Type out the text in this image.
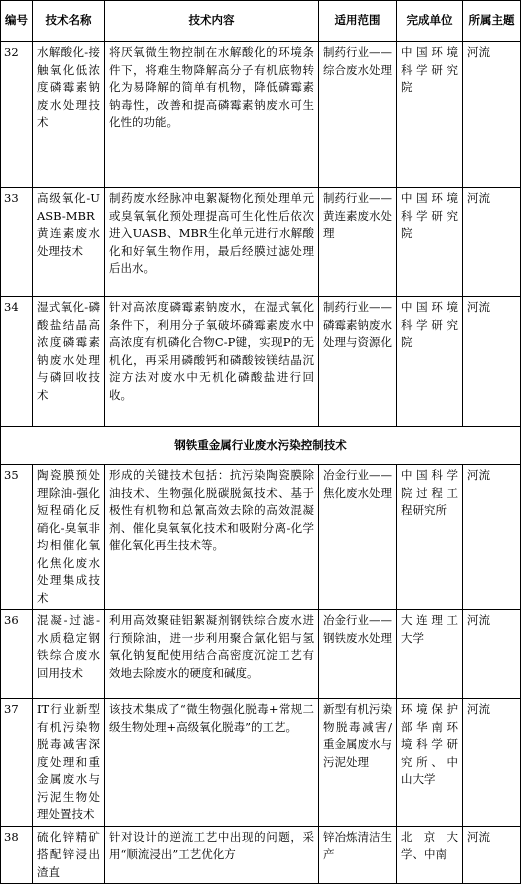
编号	技术名称	技术内容	适用范围	完成单位	所属主题
32	水解酸化-接触氧化低浓度磷霉素钠废水处理技术	将厌氧微生物控制在水解酸化的环境条件下，将难生物降解高分子有机底物转化为易降解的简单有机物，降低磷霉素钠毒性，改善和提高磷霉素钠废水可生化性的功能。	制药行业——综合废水处理	中国环境科学研究院	河流
33	高级氧化-UASB-MBR黄连素废水处理技术	制药废水经脉冲电絮凝物化预处理单元或臭氧氧化预处理提高可生化性后依次进入UASB、MBR生化单元进行水解酸化和好氧生物作用，最后经膜过滤处理后出水。	制药行业——黄连素废水处理	中国环境科学研究院	河流
34	湿式氧化-磷酸盐结晶高浓度磷霉素钠废水处理与磷回收技术	针对高浓度磷霉素钠废水，在湿式氧化条件下，利用分子氧破坏磷霉素废水中高浓度有机磷化合物C-P键，实现P的无机化，再采用磷酸钙和磷酸铵镁结晶沉淀方法对废水中无机化磷酸盐进行回收。	制药行业——磷霉素钠废水处理与资源化	中国环境科学研究院	河流
钢铁重金属行业废水污染控制技术					
35	陶瓷膜预处理除油-强化短程硝化反硝化-臭氧非均相催化氧化焦化废水处理集成技术	形成的关键技术包括：抗污染陶瓷膜除油技术、生物强化脱碳脱氮技术、基于极性有机物和总氰高效去除的高效混凝剂、催化臭氧氧化技术和吸附分离-化学催化氧化再生技术等。	冶金行业——焦化废水处理	中国科学院过程工程研究所	河流
36	混凝-过滤-水质稳定钢铁综合废水回用技术	利用高效聚硅铝絮凝剂钢铁综合废水进行预除油，进一步利用聚合氯化铝与氢氧化钠复配使用结合高密度沉淀工艺有效地去除废水的硬度和碱度。	冶金行业——钢铁废水处理	大连理工大学	河流
37	IT行业新型有机污染物脱毒减害深度处理和重金属废水与污泥生物处理处置技术	该技术集成了“微生物强化脱毒+常规二级生物处理+高级氧化脱毒”的工艺。	新型有机污染物脱毒减害/重金属废水与污泥处理	环境保护部华南环境科学研究所、中山大学	河流
38	硫化锌精矿搭配锌浸出渣直	针对设计的逆流工艺中出现的问题，采用“顺流浸出”工艺优化方	锌冶炼清洁生产	北京大学、中南	河流
